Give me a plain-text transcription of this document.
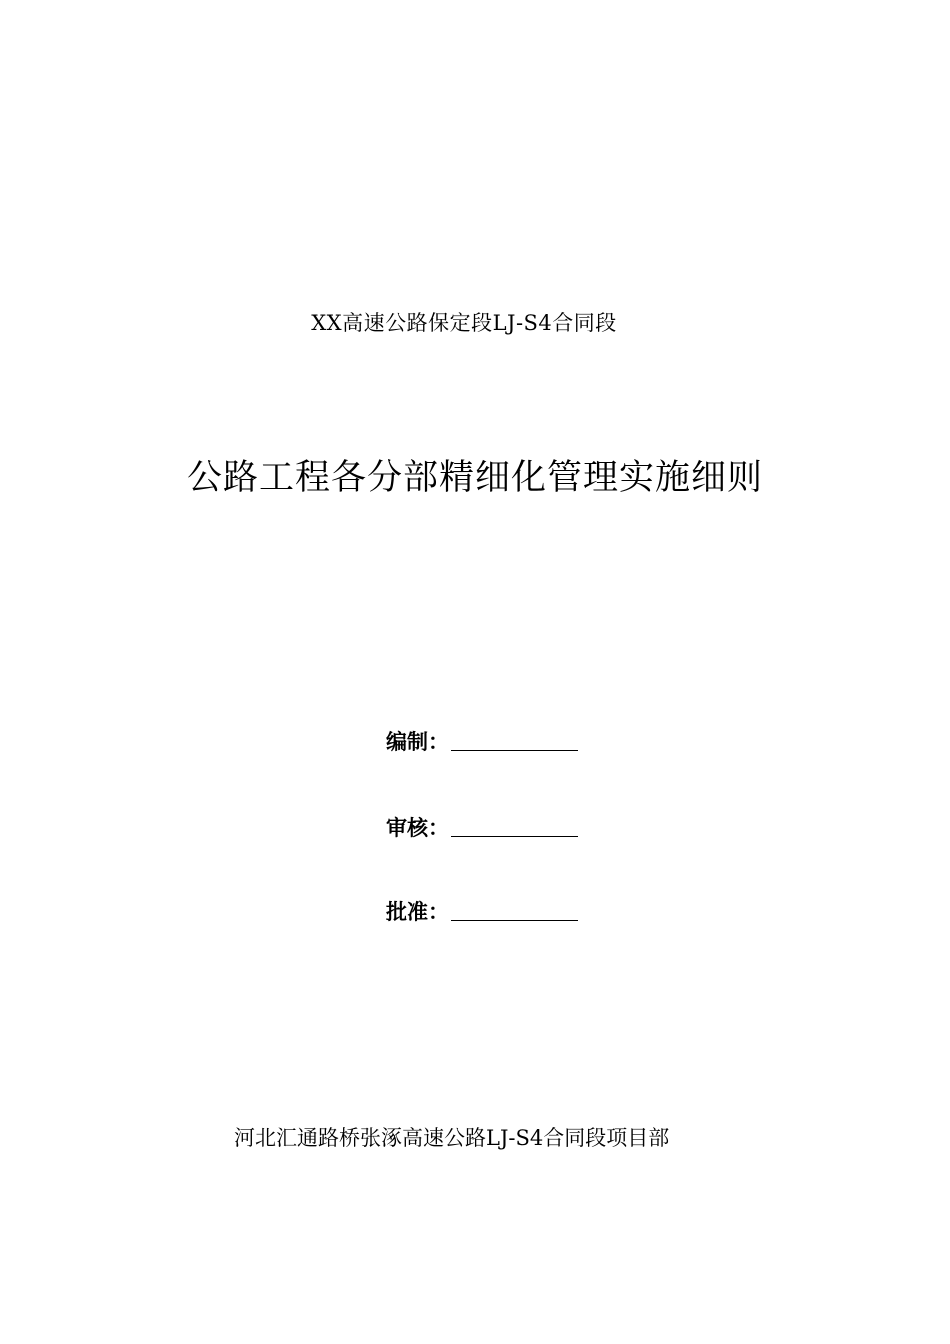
XX高速公路保定段LJ-S4合同段
公路工程各分部精细化管理实施细则
编制：
审核：
批准：
河北汇通路桥张涿高速公路LJ-S4合同段项目部
